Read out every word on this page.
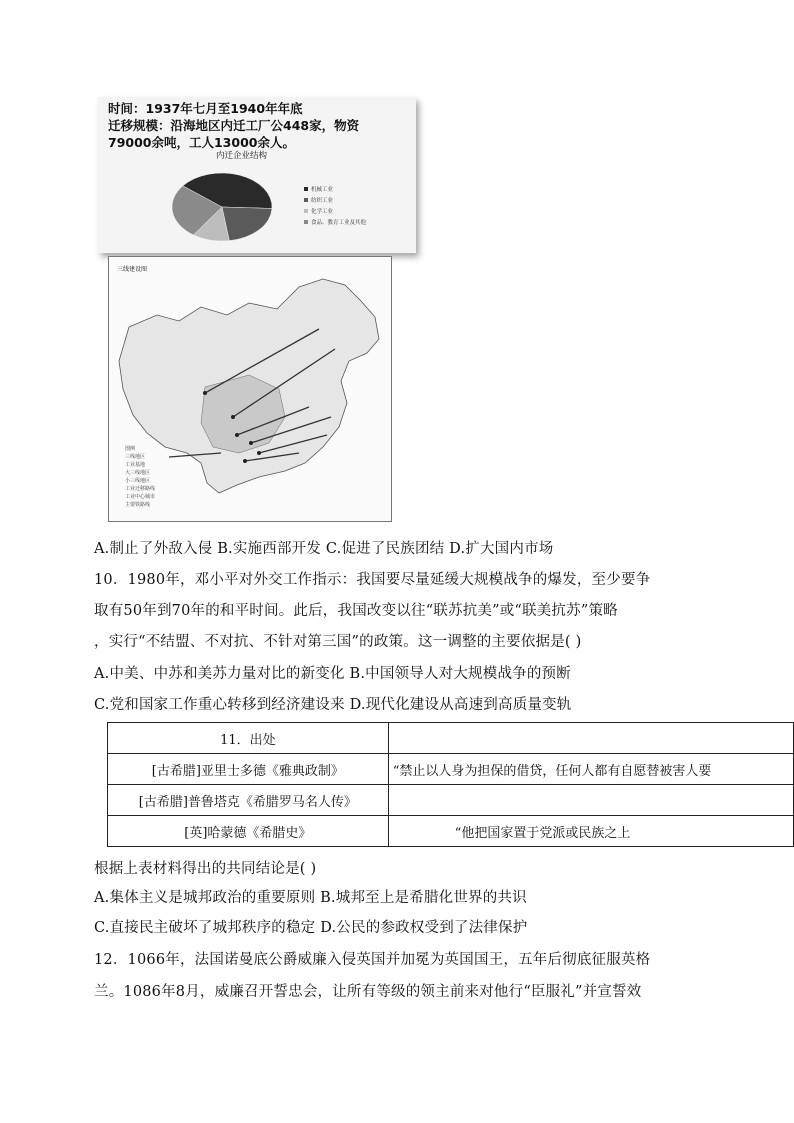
时间：1937年七月至1940年年底
迁移规模：沿海地区内迁工厂公448家，物资
79000余吨，工人13000余人。
内迁企业结构
机械工业
纺织工业
化学工业
食品、教育工业及其他
三线建设图
图例
三线地区
工业基地
大三线地区
小三线地区
工业迁移路线
工业中心城市
主要铁路线
A.制止了外敌入侵 B.实施西部开发 C.促进了民族团结 D.扩大国内市场
10．1980年，邓小平对外交工作指示：我国要尽量延缓大规模战争的爆发，至少要争
取有50年到70年的和平时间。此后，我国改变以往“联苏抗美”或“联美抗苏”策略
，实行“不结盟、不对抗、不针对第三国”的政策。这一调整的主要依据是( )
A.中美、中苏和美苏力量对比的新变化 B.中国领导人对大规模战争的预断
C.党和国家工作重心转移到经济建设来 D.现代化建设从高速到高质量变轨
11．出处	
[古希腊]亚里士多德《雅典政制》	“禁止以人身为担保的借贷，任何人都有自愿替被害人要
[古希腊]普鲁塔克《希腊罗马名人传》	
[英]哈蒙德《希腊史》	“他把国家置于党派或民族之上
根据上表材料得出的共同结论是( )
A.集体主义是城邦政治的重要原则 B.城邦至上是希腊化世界的共识
C.直接民主破坏了城邦秩序的稳定 D.公民的参政权受到了法律保护
12．1066年，法国诺曼底公爵威廉入侵英国并加冕为英国国王，五年后彻底征服英格
兰。1086年8月，威廉召开誓忠会，让所有等级的领主前来对他行“臣服礼”并宣誓效
